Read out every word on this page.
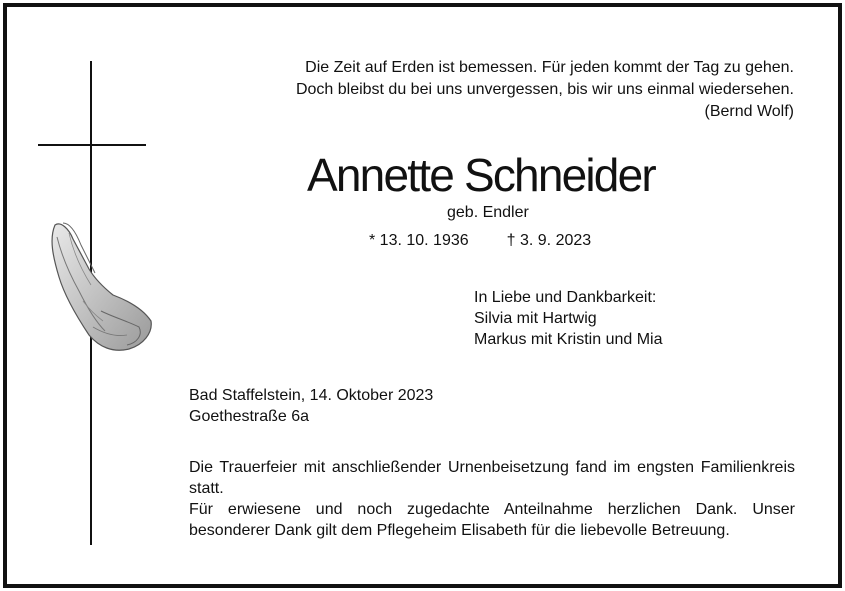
Die Zeit auf Erden ist bemessen. Für jeden kommt der Tag zu gehen.
Doch bleibst du bei uns unvergessen, bis wir uns einmal wiedersehen.
(Bernd Wolf)
Annette Schneider
geb. Endler
* 13. 10. 1936 † 3. 9. 2023
In Liebe und Dankbarkeit:
Silvia mit Hartwig
Markus mit Kristin und Mia
Bad Staffelstein, 14. Oktober 2023
Goethestraße 6a

Die Trauerfeier mit anschließender Urnenbeisetzung fand im engsten Familienkreis statt.

Für erwiesene und noch zugedachte Anteilnahme herzlichen Dank. Unser besonderer Dank gilt dem Pflegeheim Elisabeth für die liebevolle Betreuung.
